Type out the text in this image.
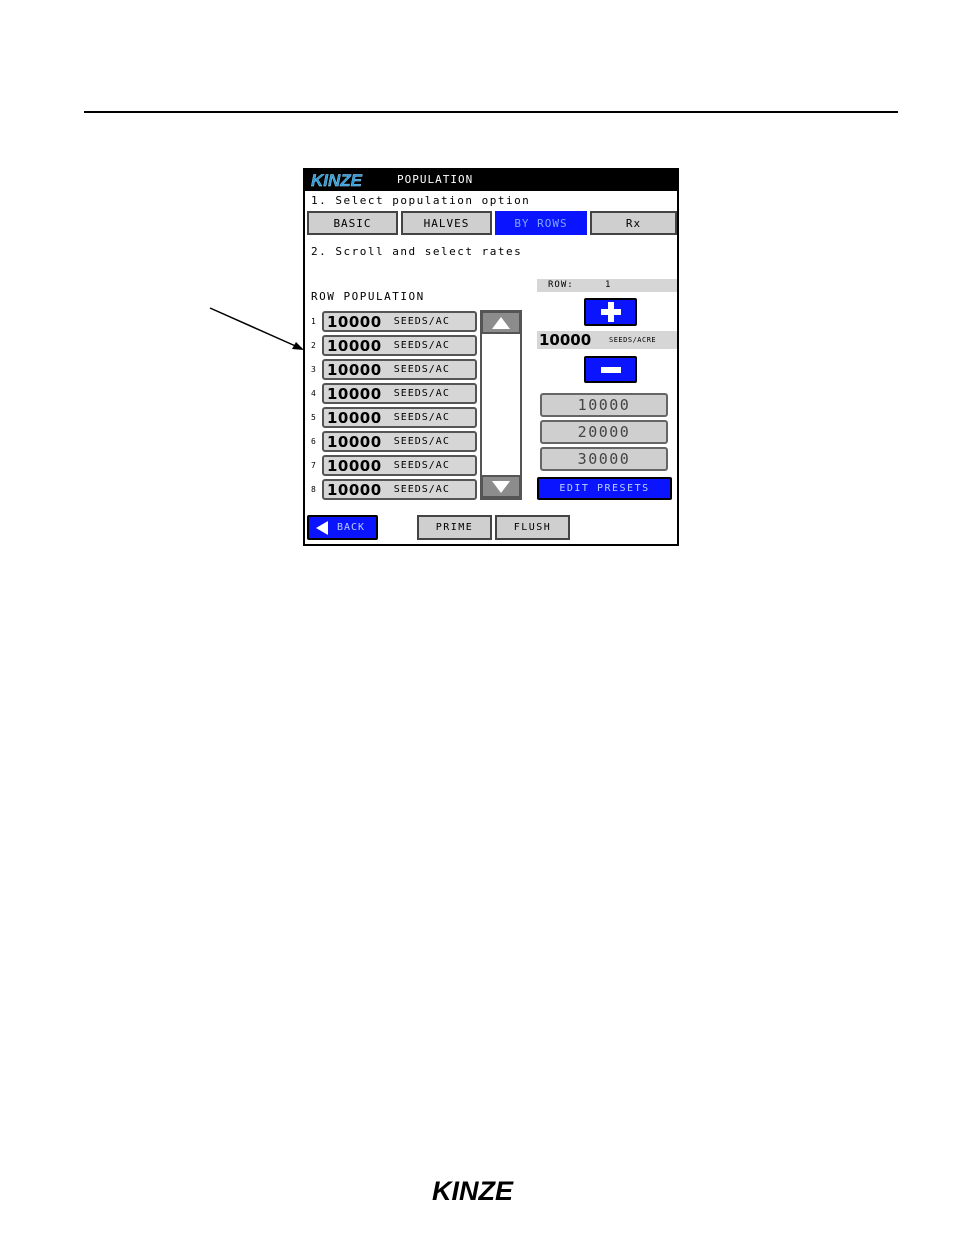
KINZE	POPULATION
1. Select population option
BASIC	HALVES	BY ROWS	Rx
2. Scroll and select rates
ROW POPULATION
1 10000 SEEDS/AC
2 10000 SEEDS/AC
3 10000 SEEDS/AC
4 10000 SEEDS/AC
5 10000 SEEDS/AC
6 10000 SEEDS/AC
7 10000 SEEDS/AC
8 10000 SEEDS/AC
ROW:	1
10000	SEEDS/ACRE
10000
20000
30000
EDIT PRESETS
BACK	PRIME	FLUSH
KINZE
